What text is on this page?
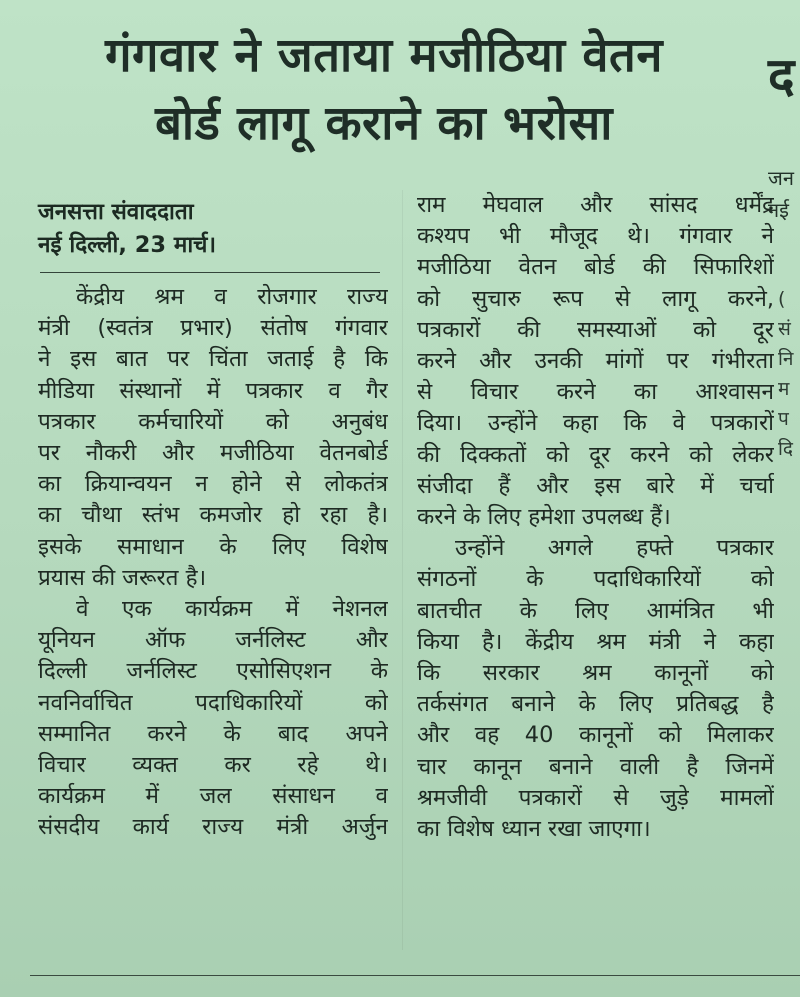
गंगवार ने जताया मजीठिया वेतन
बोर्ड लागू कराने का भरोसा
द
जनसत्ता संवाददाता
नई दिल्ली, 23 मार्च।
केंद्रीय श्रम व रोजगार राज्य
मंत्री (स्वतंत्र प्रभार) संतोष गंगवार
ने इस बात पर चिंता जताई है कि
मीडिया संस्थानों में पत्रकार व गैर
पत्रकार कर्मचारियों को अनुबंध
पर नौकरी और मजीठिया वेतनबोर्ड
का क्रियान्वयन न होने से लोकतंत्र
का चौथा स्तंभ कमजोर हो रहा है।
इसके समाधान के लिए विशेष
प्रयास की जरूरत है।
वे एक कार्यक्रम में नेशनल
यूनियन ऑफ जर्नलिस्ट और
दिल्ली जर्नलिस्ट एसोसिएशन के
नवनिर्वाचित पदाधिकारियों को
सम्मानित करने के बाद अपने
विचार व्यक्त कर रहे थे।
कार्यक्रम में जल संसाधन व
संसदीय कार्य राज्य मंत्री अर्जुन
राम मेघवाल और सांसद धर्मेंद्र
कश्यप भी मौजूद थे। गंगवार ने
मजीठिया वेतन बोर्ड की सिफारिशों
को सुचारु रूप से लागू करने,
पत्रकारों की समस्याओं को दूर
करने और उनकी मांगों पर गंभीरता
से विचार करने का आश्वासन
दिया। उन्होंने कहा कि वे पत्रकारों
की दिक्कतों को दूर करने को लेकर
संजीदा हैं और इस बारे में चर्चा
करने के लिए हमेशा उपलब्ध हैं।
उन्होंने अगले हफ्ते पत्रकार
संगठनों के पदाधिकारियों को
बातचीत के लिए आमंत्रित भी
किया है। केंद्रीय श्रम मंत्री ने कहा
कि सरकार श्रम कानूनों को
तर्कसंगत बनाने के लिए प्रतिबद्ध है
और वह 40 कानूनों को मिलाकर
चार कानून बनाने वाली है जिनमें
श्रमजीवी पत्रकारों से जुड़े मामलों
का विशेष ध्यान रखा जाएगा।
जन
नई
(
सं
नि
म
प
दि
